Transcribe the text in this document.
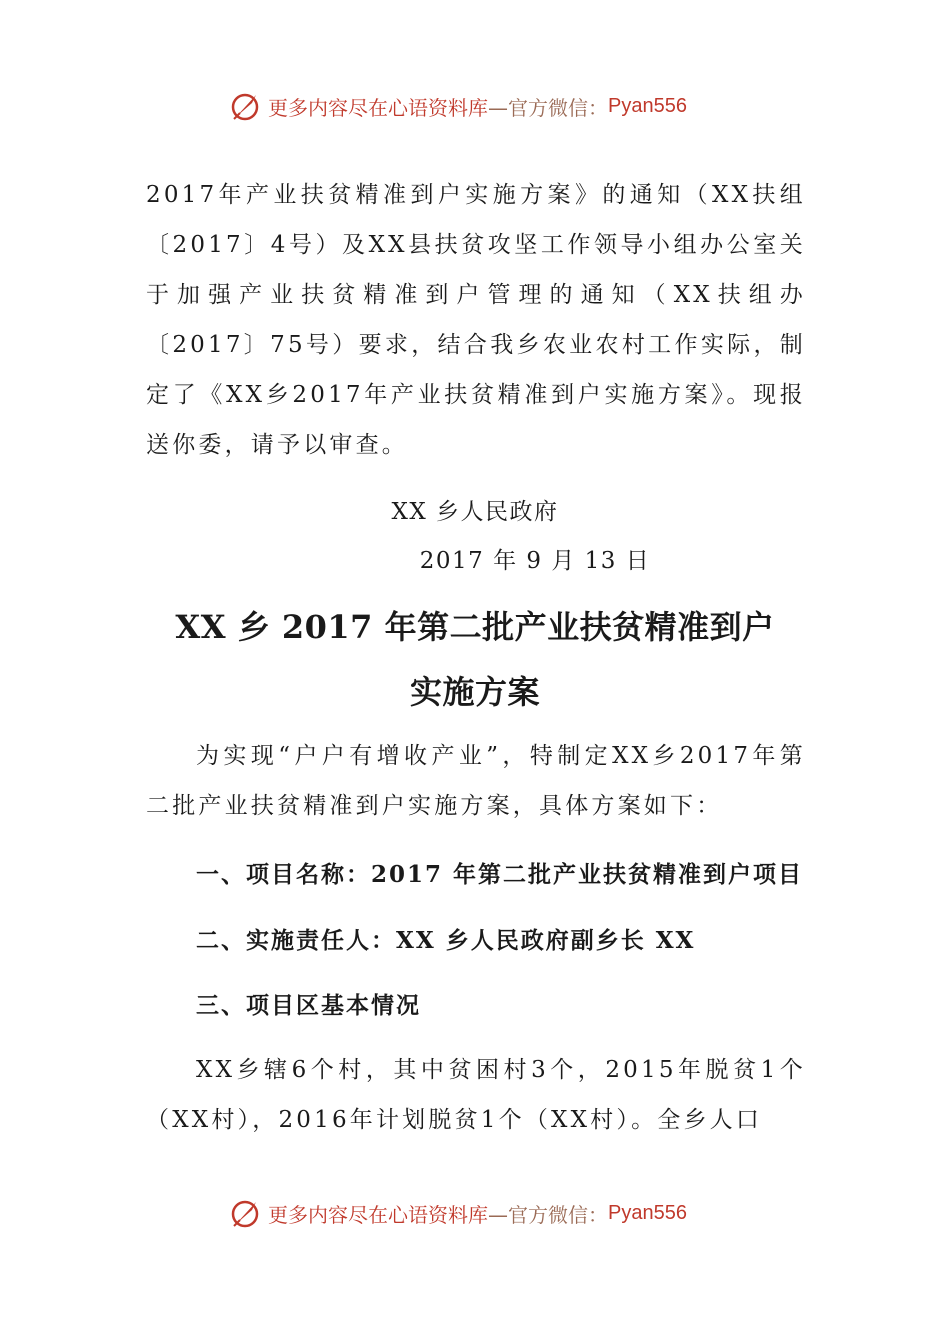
更多内容尽在心语资料库 —官方微信： Pyan556

2017年产业扶贫精准到户实施方案》的通知（XX扶组〔2017〕4号）及XX县扶贫攻坚工作领导小组办公室关于加强产业扶贫精准到户管理的通知（XX扶组办〔2017〕75号）要求，结合我乡农业农村工作实际，制定了《XX乡2017年产业扶贫精准到户实施方案》。现报送你委，请予以审查。

XX 乡人民政府

2017 年 9 月 13 日

XX 乡 2017 年第二批产业扶贫精准到户
实施方案

为实现“户户有增收产业”，特制定XX乡2017年第二批产业扶贫精准到户实施方案，具体方案如下：

一、项目名称：2017 年第二批产业扶贫精准到户项目

二、实施责任人：XX 乡人民政府副乡长 XX

三、项目区基本情况

XX乡辖6个村，其中贫困村3个，2015年脱贫1个（XX村），2016年计划脱贫1个（XX村）。全乡人口

更多内容尽在心语资料库 —官方微信： Pyan556
